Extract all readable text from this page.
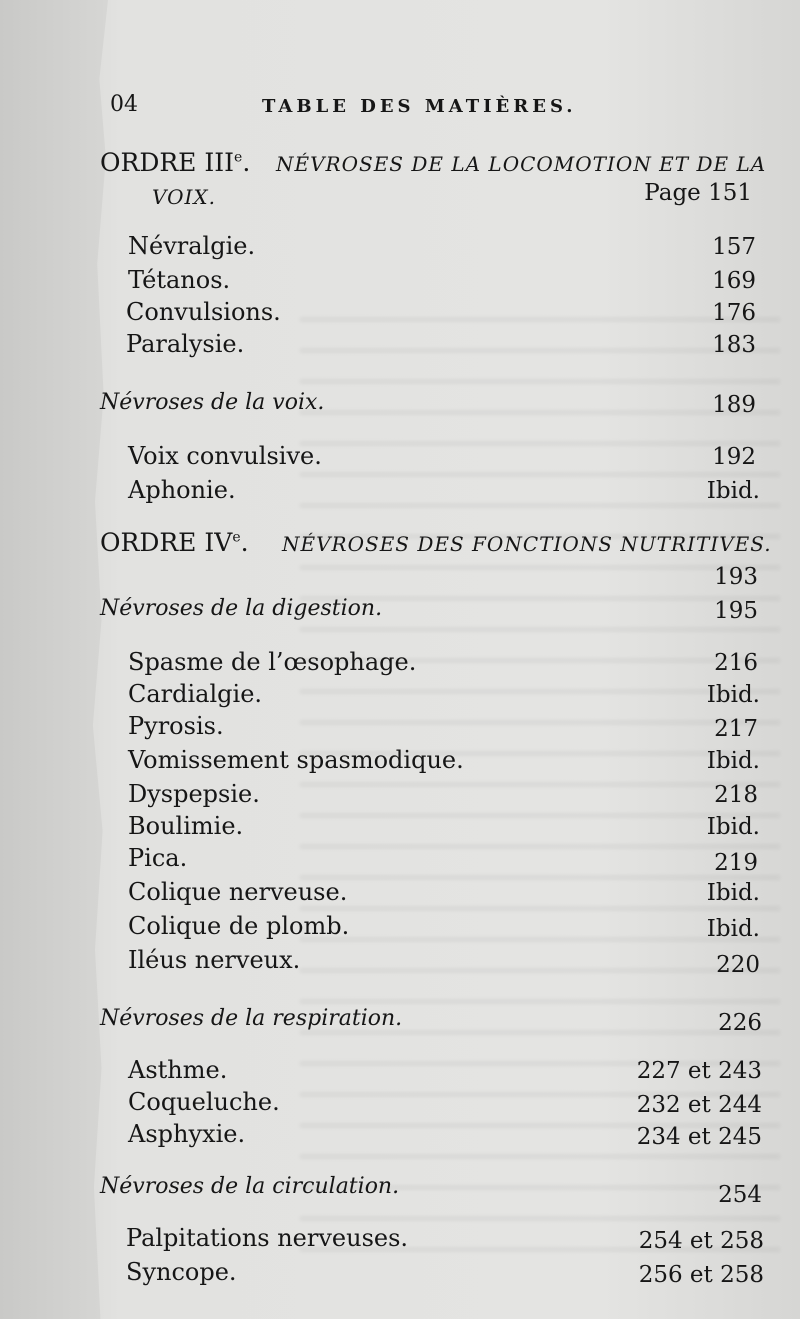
04	TABLE DES MATIÈRES.
ORDRE IIIe. NÉVROSES DE LA LOCOMOTION ET DE LA
VOIX.	Page 151
Névralgie.	157
Tétanos.	169
Convulsions.	176
Paralysie.	183
Névroses de la voix.	189
Voix convulsive.	192
Aphonie.	Ibid.
ORDRE IVe. NÉVROSES DES FONCTIONS NUTRITIVES.
193
Névroses de la digestion.	195
Spasme de l’œsophage.	216
Cardialgie.	Ibid.
Pyrosis.	217
Vomissement spasmodique.	Ibid.
Dyspepsie.	218
Boulimie.	Ibid.
Pica.	219
Colique nerveuse.	Ibid.
Colique de plomb.	Ibid.
Iléus nerveux.	220
Névroses de la respiration.	226
Asthme.	227 et 243
Coqueluche.	232 et 244
Asphyxie.	234 et 245
Névroses de la circulation.	254
Palpitations nerveuses.	254 et 258
Syncope.	256 et 258
